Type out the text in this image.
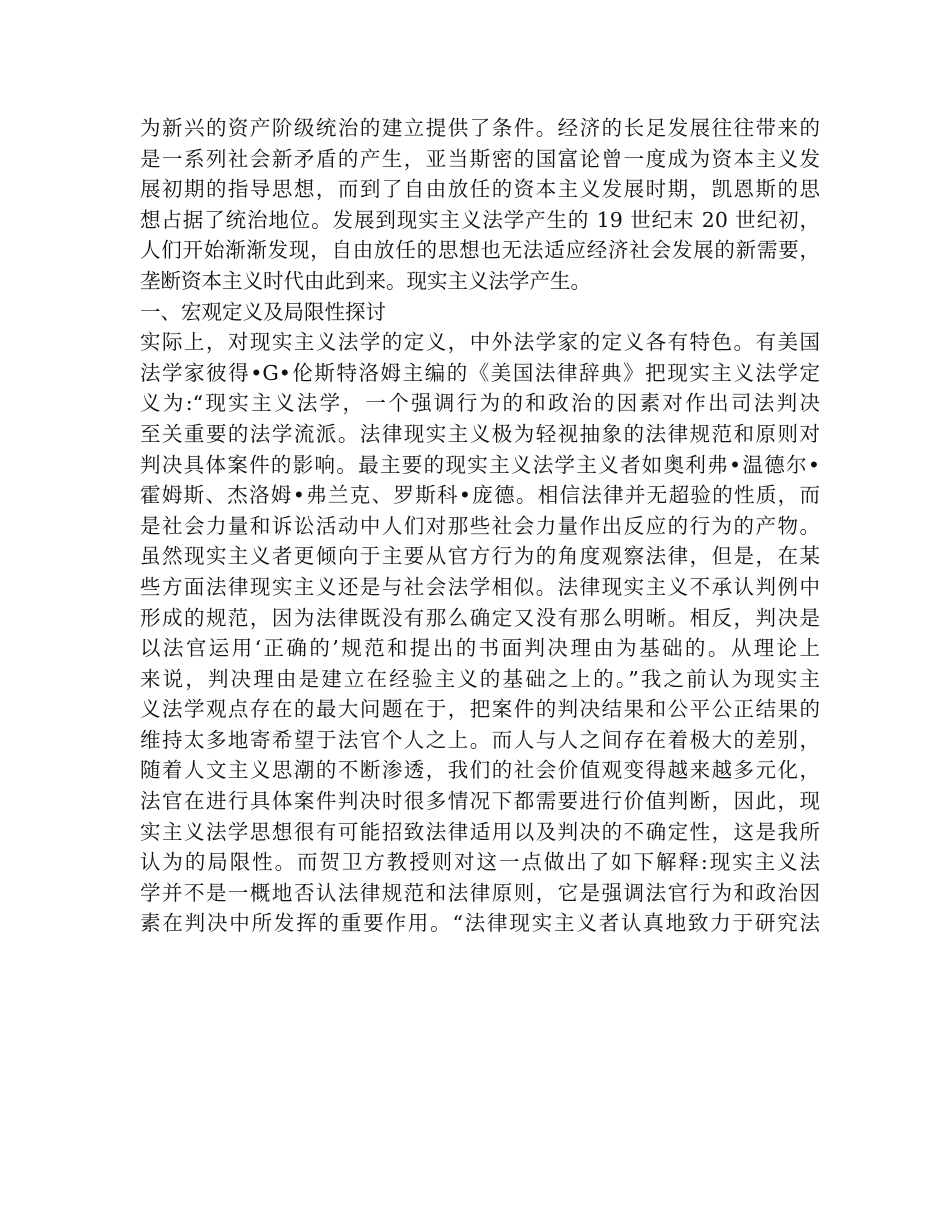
为新兴的资产阶级统治的建立提供了条件。经济的长足发展往往带来的
是一系列社会新矛盾的产生，亚当斯密的国富论曾一度成为资本主义发
展初期的指导思想，而到了自由放任的资本主义发展时期，凯恩斯的思
想占据了统治地位。发展到现实主义法学产生的 19 世纪末 20 世纪初，
人们开始渐渐发现，自由放任的思想也无法适应经济社会发展的新需要，
垄断资本主义时代由此到来。现实主义法学产生。
一、宏观定义及局限性探讨
实际上，对现实主义法学的定义，中外法学家的定义各有特色。有美国
法学家彼得•G•伦斯特洛姆主编的《美国法律辞典》把现实主义法学定
义为:“现实主义法学，一个强调行为的和政治的因素对作出司法判决
至关重要的法学流派。法律现实主义极为轻视抽象的法律规范和原则对
判决具体案件的影响。最主要的现实主义法学主义者如奥利弗•温德尔•
霍姆斯、杰洛姆•弗兰克、罗斯科•庞德。相信法律并无超验的性质，而
是社会力量和诉讼活动中人们对那些社会力量作出反应的行为的产物。
虽然现实主义者更倾向于主要从官方行为的角度观察法律，但是，在某
些方面法律现实主义还是与社会法学相似。法律现实主义不承认判例中
形成的规范，因为法律既没有那么确定又没有那么明晰。相反，判决是
以法官运用‘正确的’规范和提出的书面判决理由为基础的。从理论上
来说，判决理由是建立在经验主义的基础之上的。”我之前认为现实主
义法学观点存在的最大问题在于，把案件的判决结果和公平公正结果的
维持太多地寄希望于法官个人之上。而人与人之间存在着极大的差别，
随着人文主义思潮的不断渗透，我们的社会价值观变得越来越多元化，
法官在进行具体案件判决时很多情况下都需要进行价值判断，因此，现
实主义法学思想很有可能招致法律适用以及判决的不确定性，这是我所
认为的局限性。而贺卫方教授则对这一点做出了如下解释:现实主义法
学并不是一概地否认法律规范和法律原则，它是强调法官行为和政治因
素在判决中所发挥的重要作用。“法律现实主义者认真地致力于研究法
